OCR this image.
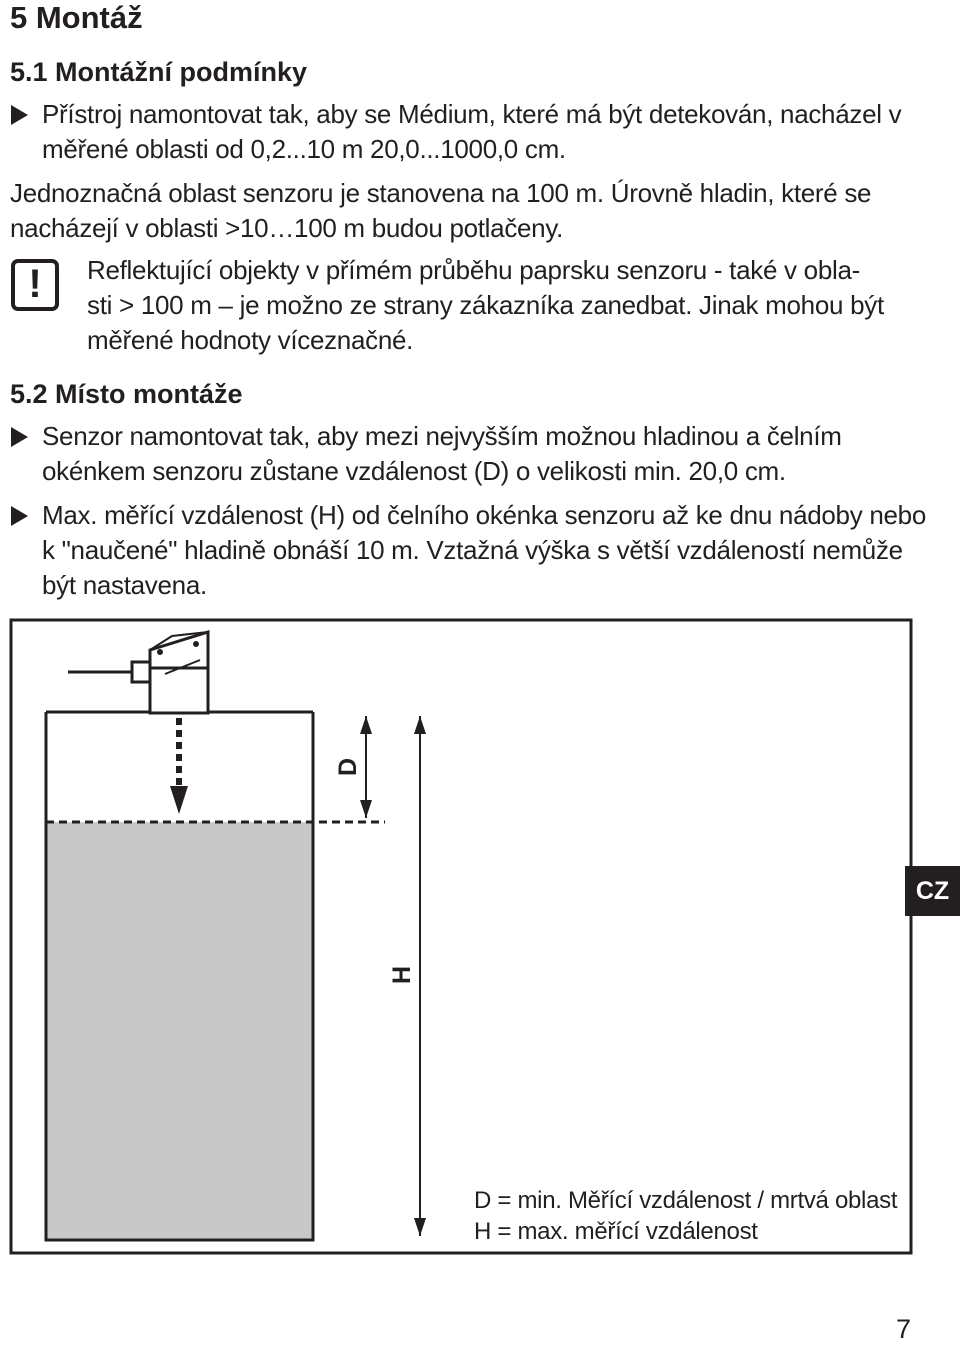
5 Montáž
5.1 Montážní podmínky
Přístroj namontovat tak, aby se Médium, které má být detekován, nacházel v
měřené oblasti od 0,2...10 m 20,0...1000,0 cm.
Jednoznačná oblast senzoru je stanovena na 100 m. Úrovně hladin, které se
nacházejí v oblasti >10…100 m budou potlačeny.
! Reflektující objekty v přímém průběhu paprsku senzoru - také v obla-
sti > 100 m – je možno ze strany zákazníka zanedbat. Jinak mohou být
měřené hodnoty víceznačné.
5.2 Místo montáže
Senzor namontovat tak, aby mezi nejvyšším možnou hladinou a čelním
okénkem senzoru zůstane vzdálenost (D) o velikosti min. 20,0 cm.
Max. měřící vzdálenost (H) od čelního okénka senzoru až ke dnu nádoby nebo
k "naučené" hladině obnáší 10 m. Vztažná výška s větší vzdáleností nemůže
být nastavena.
D
H
D = min. Měřící vzdálenost / mrtvá oblast
H = max. měřící vzdálenost
CZ
7
